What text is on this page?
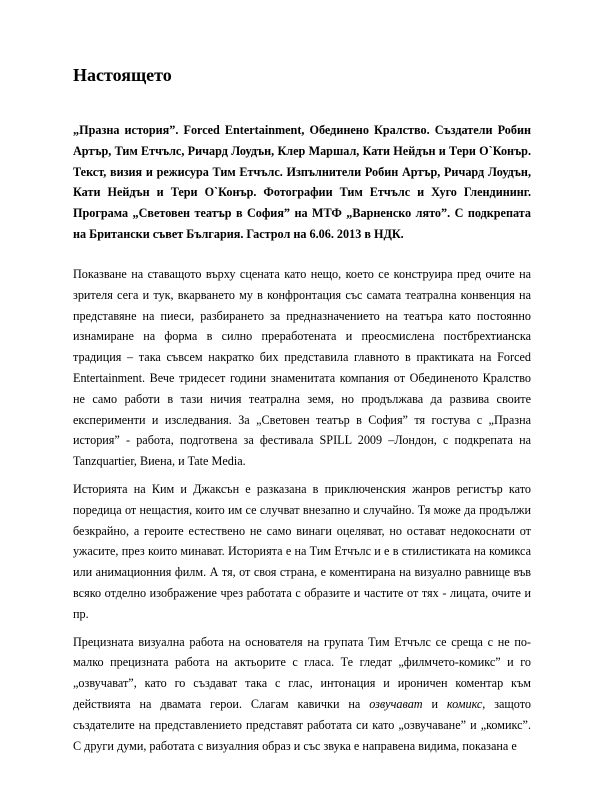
Настоящето

„Празна история”. Forced Entertainment, Обединено Кралство. Създатели Робин Артър, Тим Етчълс, Ричард Лоудън, Клер Маршал, Кати Нейдън и Тери О`Конър. Текст, визия и режисура Тим Етчълс. Изпълнители Робин Артър, Ричард Лоудън, Кати Нейдън и Тери О`Конър. Фотографии Тим Етчълс и Хуго Глендининг. Програма „Световен театър в София” на МТФ „Варненско лято”. С подкрепата на Британски съвет България. Гастрол на 6.06. 2013 в НДК.

Показване на ставащото върху сцената като нещо, което се конструира пред очите на зрителя сега и тук, вкарването му в конфронтация със самата театрална конвенция на представяне на пиеси, разбирането за предназначението на театъра като постоянно изнамиране на форма в силно преработената и преосмислена постбрехтианска традиция – така съвсем накратко бих представила главното в практиката на Forced Entertainment. Вече тридесет години знаменитата компания от Обединеното Кралство не само работи в тази ничия театрална земя, но продължава да развива своите експерименти и изследвания. За „Световен театър в София” тя гостува с „Празна история” - работа, подготвена за фестивала SPILL 2009 –Лондон, с подкрепата на Tanzquartier, Виена, и Tate Media.

Историята на Ким и Джаксън е разказана в приключенския жанров регистър като поредица от нещастия, които им се случват внезапно и случайно. Тя може да продължи безкрайно, а героите естествено не само винаги оцеляват, но остават недокоснати от ужасите, през които минават. Историята е на Тим Етчълс и е в стилистиката на комикса или анимационния филм. А тя, от своя страна, е коментирана на визуално равнище във всяко отделно изображение чрез работата с образите и частите от тях - лицата, очите и пр.

Прецизната визуална работа на основателя на групата Тим Етчълс се среща с не по-малко прецизната работа на актьорите с гласа. Те гледат „филмчето-комикс” и го „озвучават”, като го създават така с глас, интонация и ироничен коментар към действията на двамата герои. Слагам кавички на озвучават и комикс, защото създателите на представлението представят работата си като „озвучаване” и „комикс”. С други думи, работата с визуалния образ и със звука е направена видима, показана е
